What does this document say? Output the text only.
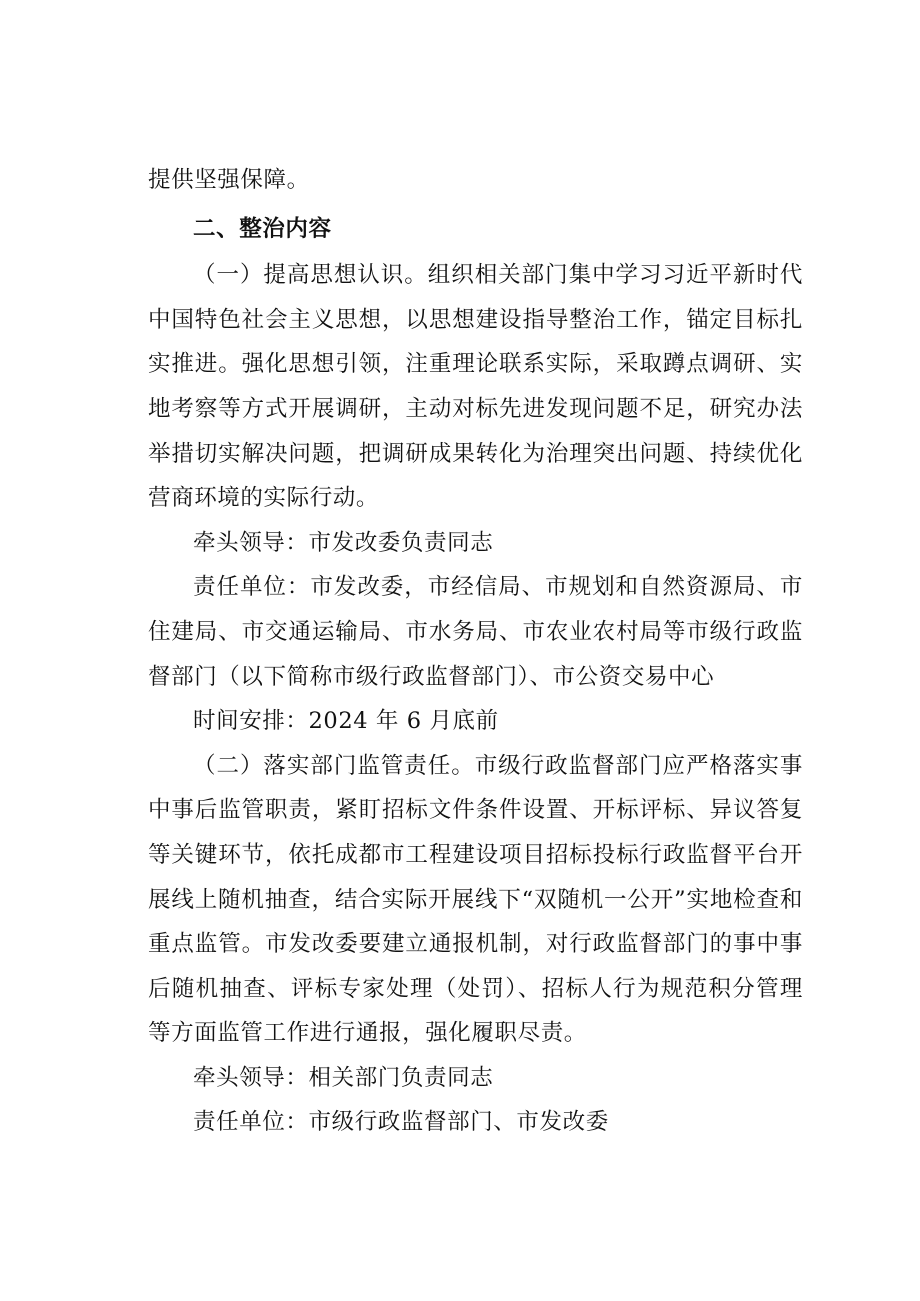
提供坚强保障。

二、整治内容

（一）提高思想认识。组织相关部门集中学习习近平新时代中国特色社会主义思想，以思想建设指导整治工作，锚定目标扎实推进。强化思想引领，注重理论联系实际，采取蹲点调研、实地考察等方式开展调研，主动对标先进发现问题不足，研究办法举措切实解决问题，把调研成果转化为治理突出问题、持续优化营商环境的实际行动。

牵头领导：市发改委负责同志

责任单位：市发改委，市经信局、市规划和自然资源局、市住建局、市交通运输局、市水务局、市农业农村局等市级行政监督部门（以下简称市级行政监督部门）、市公资交易中心

时间安排：2024 年 6 月底前

（二）落实部门监管责任。市级行政监督部门应严格落实事中事后监管职责，紧盯招标文件条件设置、开标评标、异议答复等关键环节，依托成都市工程建设项目招标投标行政监督平台开展线上随机抽查，结合实际开展线下“双随机一公开”实地检查和重点监管。市发改委要建立通报机制，对行政监督部门的事中事后随机抽查、评标专家处理（处罚）、招标人行为规范积分管理等方面监管工作进行通报，强化履职尽责。

牵头领导：相关部门负责同志

责任单位：市级行政监督部门、市发改委
